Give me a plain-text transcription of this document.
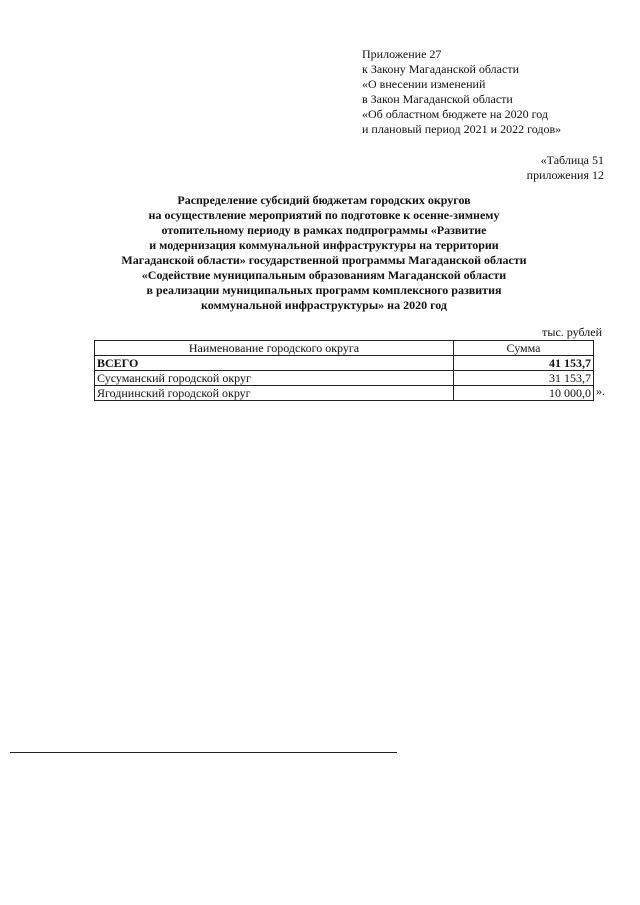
Приложение 27
к Закону Магаданской области
«О внесении изменений
в Закон Магаданской области
«Об областном бюджете на 2020 год
и плановый период 2021 и 2022 годов»
«Таблица 51
приложения 12
Распределение субсидий бюджетам городских округов
на осуществление мероприятий по подготовке к осенне-зимнему
отопительному периоду в рамках подпрограммы «Развитие
и модернизация коммунальной инфраструктуры на территории
Магаданской области» государственной программы Магаданской области
«Содействие муниципальным образованиям Магаданской области
в реализации муниципальных программ комплексного развития
коммунальной инфраструктуры» на 2020 год
тыс. рублей
Наименование городского округа	Сумма
ВСЕГО	41 153,7
Сусуманский городской округ	31 153,7
Ягоднинский городской округ	10 000,0 ».
